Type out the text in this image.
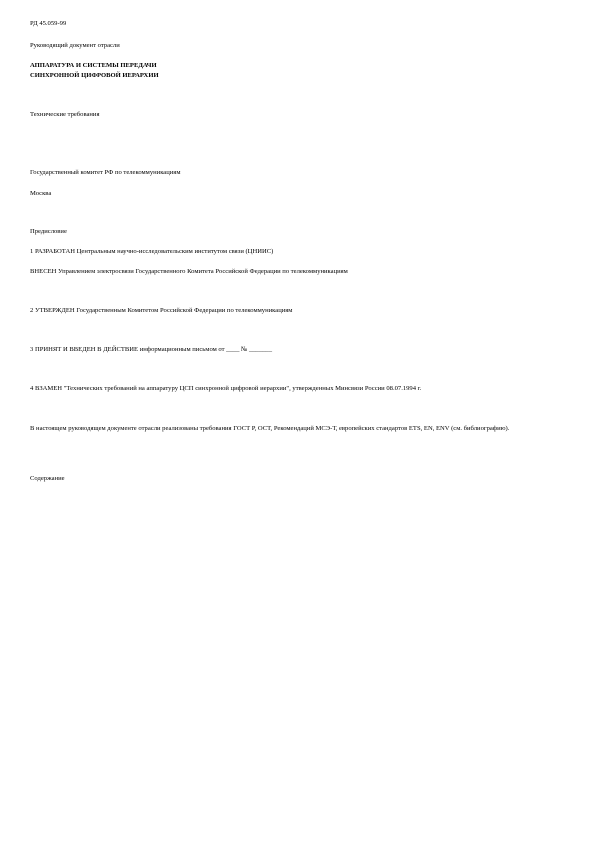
РД 45.059-99
Руководящий документ отрасли
АППАРАТУРА И СИСТЕМЫ ПЕРЕДАЧИ
СИНХРОННОЙ ЦИФРОВОЙ ИЕРАРХИИ
Технические требования
Государственный комитет РФ по телекоммуникациям
Москва
Предисловие
1 РАЗРАБОТАН Центральным научно-исследовательским институтом связи (ЦНИИС)
ВНЕСЕН Управлением электросвязи Государственного Комитета Российской Федерации по телекоммуникациям
2 УТВЕРЖДЕН Государственным Комитетом Российской Федерации по телекоммуникациям
3 ПРИНЯТ И ВВЕДЕН В ДЕЙСТВИЕ информационным письмом от ____ № _______
4 ВЗАМЕН "Технических требований на аппаратуру ЦСП синхронной цифровой иерархии", утвержденных Минсвязи России 08.07.1994 г.
В настоящем руководящем документе отрасли реализованы требования ГОСТ Р, ОСТ, Рекомендаций МСЭ-Т, европейских стандартов ETS, EN, ENV (см. библиографию).
Содержание
